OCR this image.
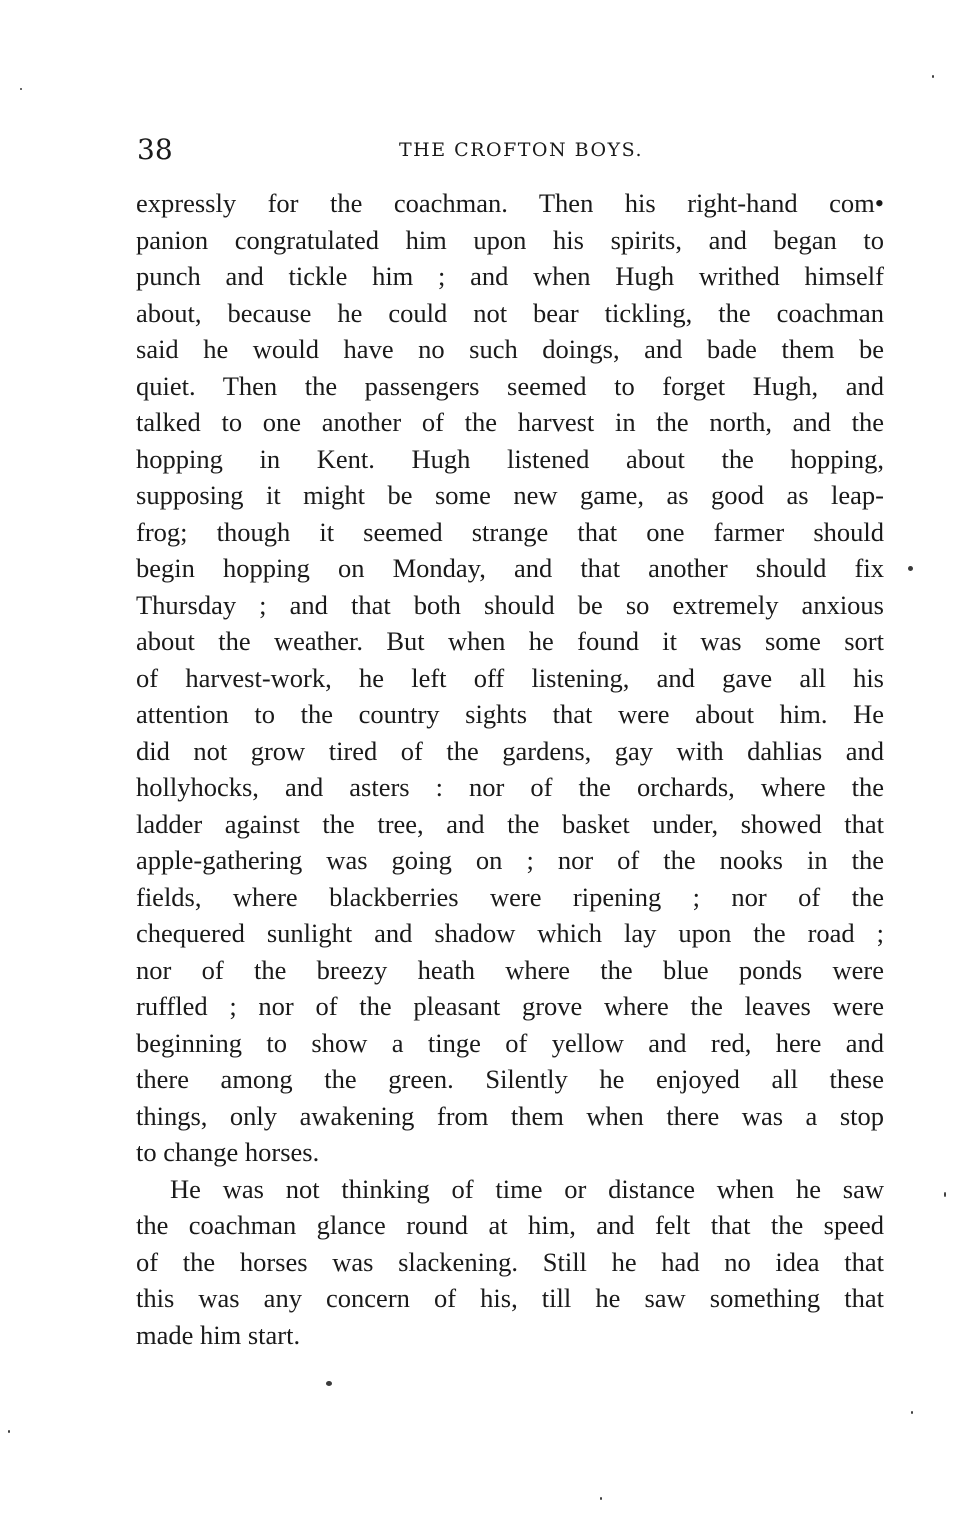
38	THE CROFTON BOYS.
expressly for the coachman. Then his right-hand com•
panion congratulated him upon his spirits, and began to
punch and tickle him ; and when Hugh writhed himself
about, because he could not bear tickling, the coachman
said he would have no such doings, and bade them be
quiet. Then the passengers seemed to forget Hugh, and
talked to one another of the harvest in the north, and the
hopping in Kent. Hugh listened about the hopping,
supposing it might be some new game, as good as leap-
frog; though it seemed strange that one farmer should
begin hopping on Monday, and that another should fix
Thursday ; and that both should be so extremely anxious
about the weather. But when he found it was some sort
of harvest-work, he left off listening, and gave all his
attention to the country sights that were about him. He
did not grow tired of the gardens, gay with dahlias and
hollyhocks, and asters : nor of the orchards, where the
ladder against the tree, and the basket under, showed that
apple-gathering was going on ; nor of the nooks in the
fields, where blackberries were ripening ; nor of the
chequered sunlight and shadow which lay upon the road ;
nor of the breezy heath where the blue ponds were
ruffled ; nor of the pleasant grove where the leaves were
beginning to show a tinge of yellow and red, here and
there among the green. Silently he enjoyed all these
things, only awakening from them when there was a stop
to change horses.
He was not thinking of time or distance when he saw
the coachman glance round at him, and felt that the speed
of the horses was slackening. Still he had no idea that
this was any concern of his, till he saw something that
made him start.
